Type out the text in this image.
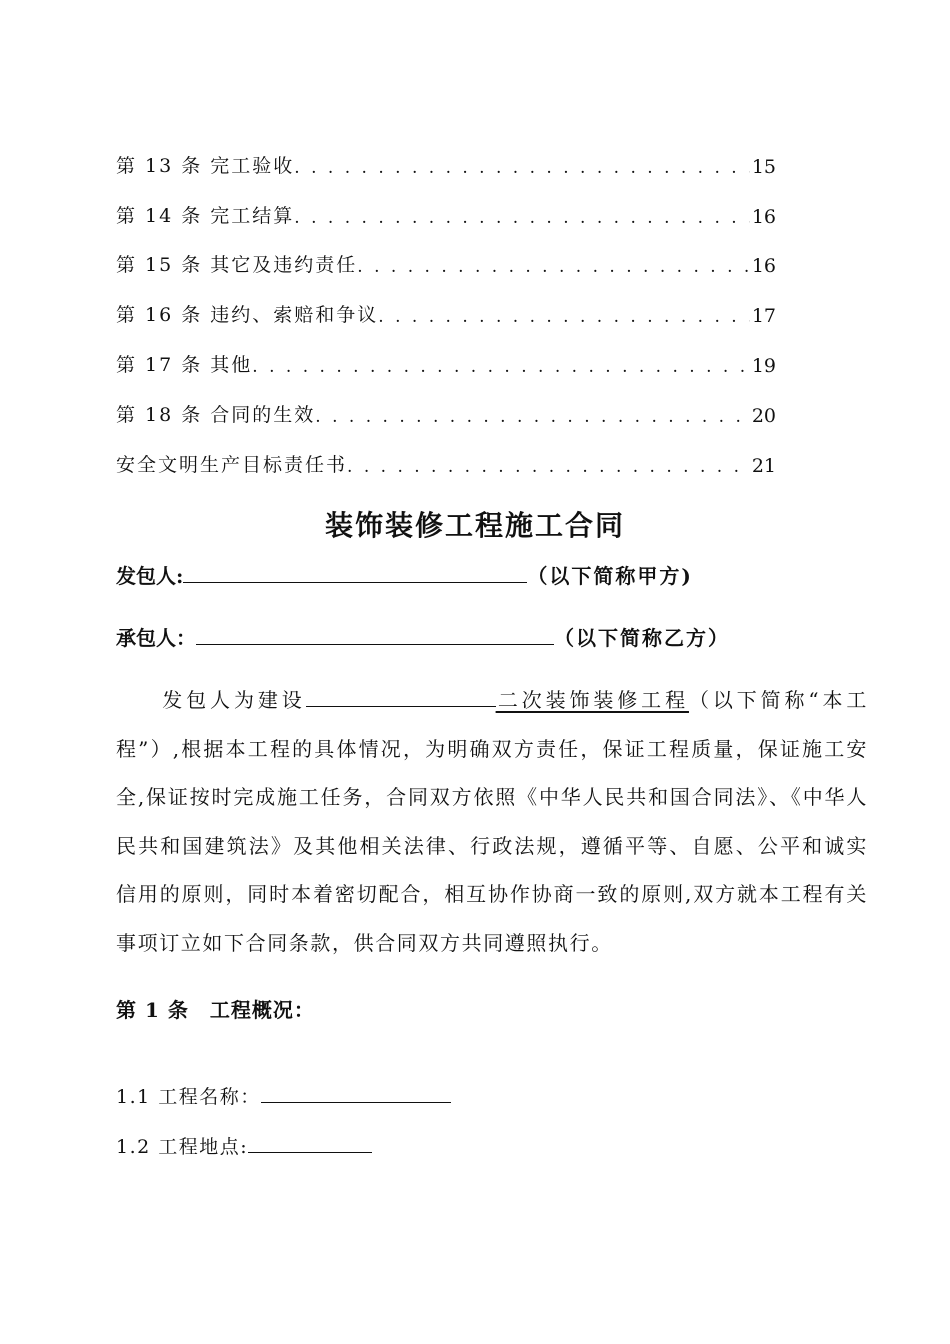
第 13 条 完工验收 . . .	15
第 14 条 完工结算 . . .	16
第 15 条 其它及违约责任 . . .	16
第 16 条 违约、索赔和争议 . . .	17
第 17 条 其他 . . .	19
第 18 条 合同的生效 . . .	20
安全文明生产目标责任书 . . .	21
装饰装修工程施工合同
发包人:	（以下简称甲方)
承包人：	（以下简称乙方）
发包人为建设	二次装饰装修工程（以下简称“本工程”）,根据本工程的具体情况，为明确双方责任，保证工程质量，保证施工安全,保证按时完成施工任务，合同双方依照《中华人民共和国合同法》、《中华人民共和国建筑法》及其他相关法律、行政法规，遵循平等、自愿、公平和诚实信用的原则，同时本着密切配合，相互协作协商一致的原则,双方就本工程有关事项订立如下合同条款，供合同双方共同遵照执行。
第 1 条　工程概况：
1.1 工程名称：
1.2 工程地点:
